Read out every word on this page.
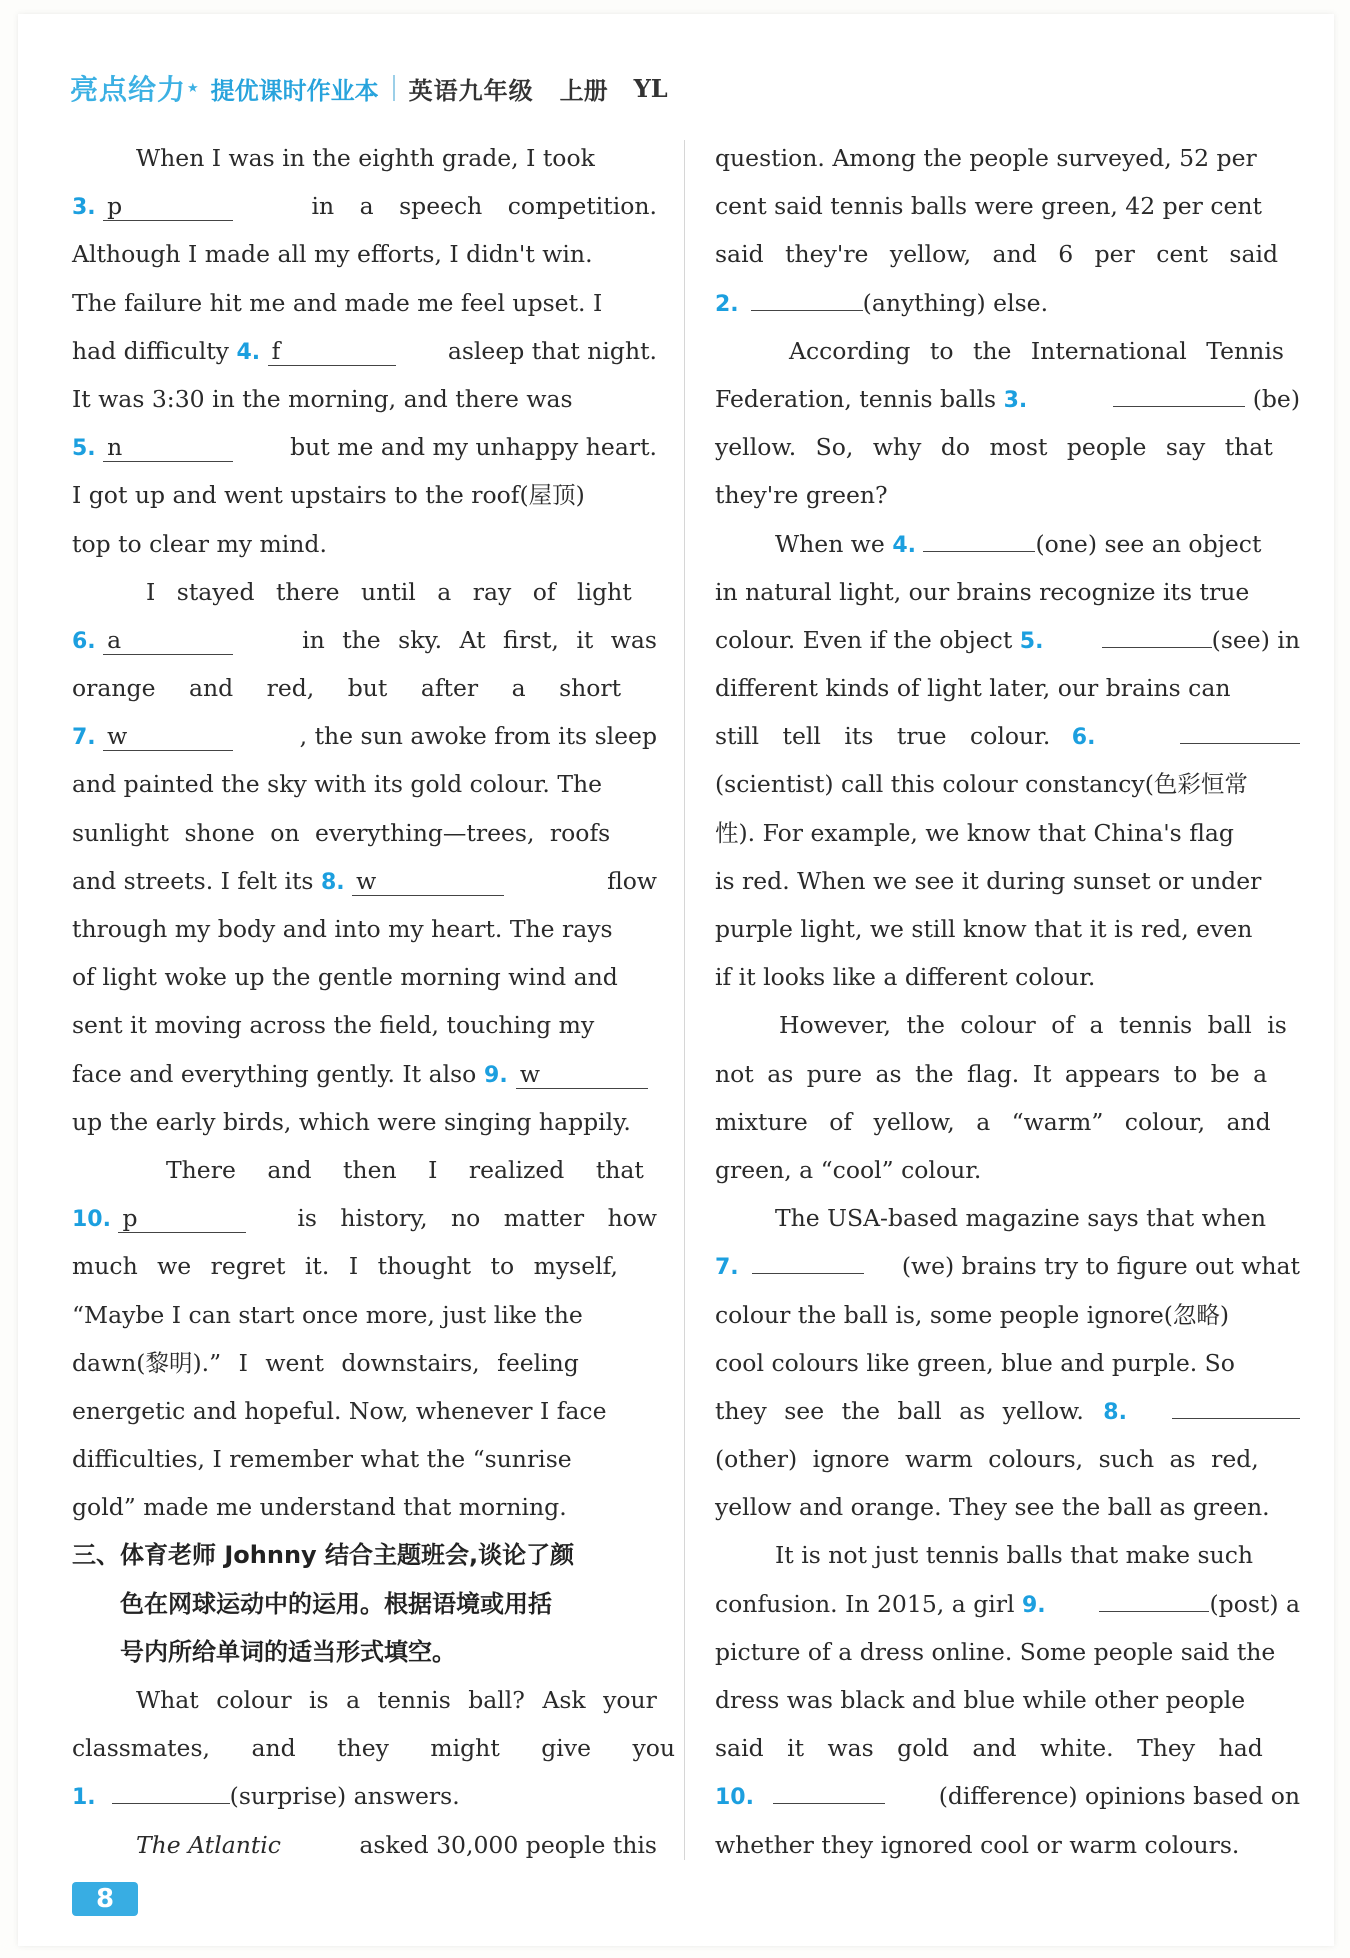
亮点给力 ★ 提优课时作业本 英语九年级 上册 YL
When I was in the eighth grade, I took
3. p	in a speech competition.
Although I made all my efforts, I didn't win.
The failure hit me and made me feel upset. I
had difficulty 4. f	asleep that night.
It was 3:30 in the morning, and there was
5. n	but me and my unhappy heart.
I got up and went upstairs to the roof(屋顶)
top to clear my mind.
I stayed there until a ray of light
6. a	in the sky. At first, it was
orange and red, but after a short
7. w	, the sun awoke from its sleep
and painted the sky with its gold colour. The
sunlight shone on everything—trees, roofs
and streets. I felt its 8. w	flow
through my body and into my heart. The rays
of light woke up the gentle morning wind and
sent it moving across the field, touching my
face and everything gently. It also 9. w
up the early birds, which were singing happily.
There and then I realized that
10. p	is history, no matter how
much we regret it. I thought to myself,
“Maybe I can start once more, just like the
dawn(黎明).” I went downstairs, feeling
energetic and hopeful. Now, whenever I face
difficulties, I remember what the “sunrise
gold” made me understand that morning.
三、体育老师 Johnny 结合主题班会,谈论了颜
色在网球运动中的运用。根据语境或用括
号内所给单词的适当形式填空。
What colour is a tennis ball? Ask your
classmates, and they might give you
1.	(surprise) answers.
The Atlantic	asked 30,000 people this
question. Among the people surveyed, 52 per
cent said tennis balls were green, 42 per cent
said they're yellow, and 6 per cent said
2.	(anything) else.
According to the International Tennis
Federation, tennis balls 3.	(be)
yellow. So, why do most people say that
they're green?
When we 4.	(one) see an object
in natural light, our brains recognize its true
colour. Even if the object 5.	(see) in
different kinds of light later, our brains can
still tell its true colour. 6.
(scientist) call this colour constancy(色彩恒常
性). For example, we know that China's flag
is red. When we see it during sunset or under
purple light, we still know that it is red, even
if it looks like a different colour.
However, the colour of a tennis ball is
not as pure as the flag. It appears to be a
mixture of yellow, a “warm” colour, and
green, a “cool” colour.
The USA-based magazine says that when
7.	(we) brains try to figure out what
colour the ball is, some people ignore(忽略)
cool colours like green, blue and purple. So
they see the ball as yellow. 8.
(other) ignore warm colours, such as red,
yellow and orange. They see the ball as green.
It is not just tennis balls that make such
confusion. In 2015, a girl 9.	(post) a
picture of a dress online. Some people said the
dress was black and blue while other people
said it was gold and white. They had
10.	(difference) opinions based on
whether they ignored cool or warm colours.
8
